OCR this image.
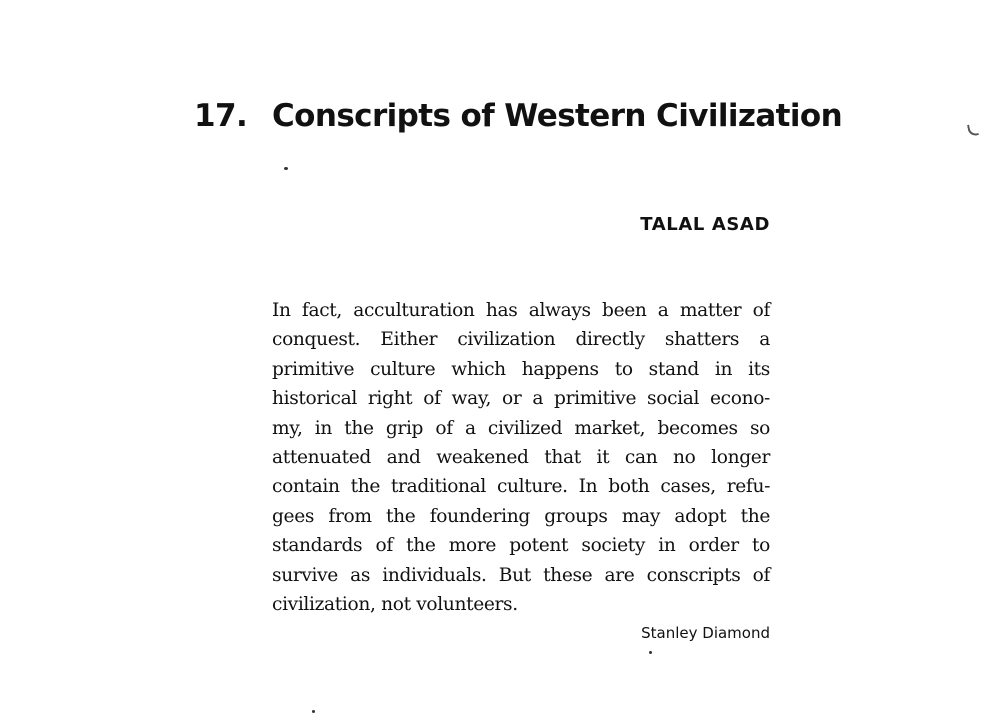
17. Conscripts of Western Civilization
TALAL ASAD
In fact, acculturation has always been a matter of
conquest. Either civilization directly shatters a
primitive culture which happens to stand in its
historical right of way, or a primitive social econo-
my, in the grip of a civilized market, becomes so
attenuated and weakened that it can no longer
contain the traditional culture. In both cases, refu-
gees from the foundering groups may adopt the
standards of the more potent society in order to
survive as individuals. But these are conscripts of
civilization, not volunteers.
Stanley Diamond
